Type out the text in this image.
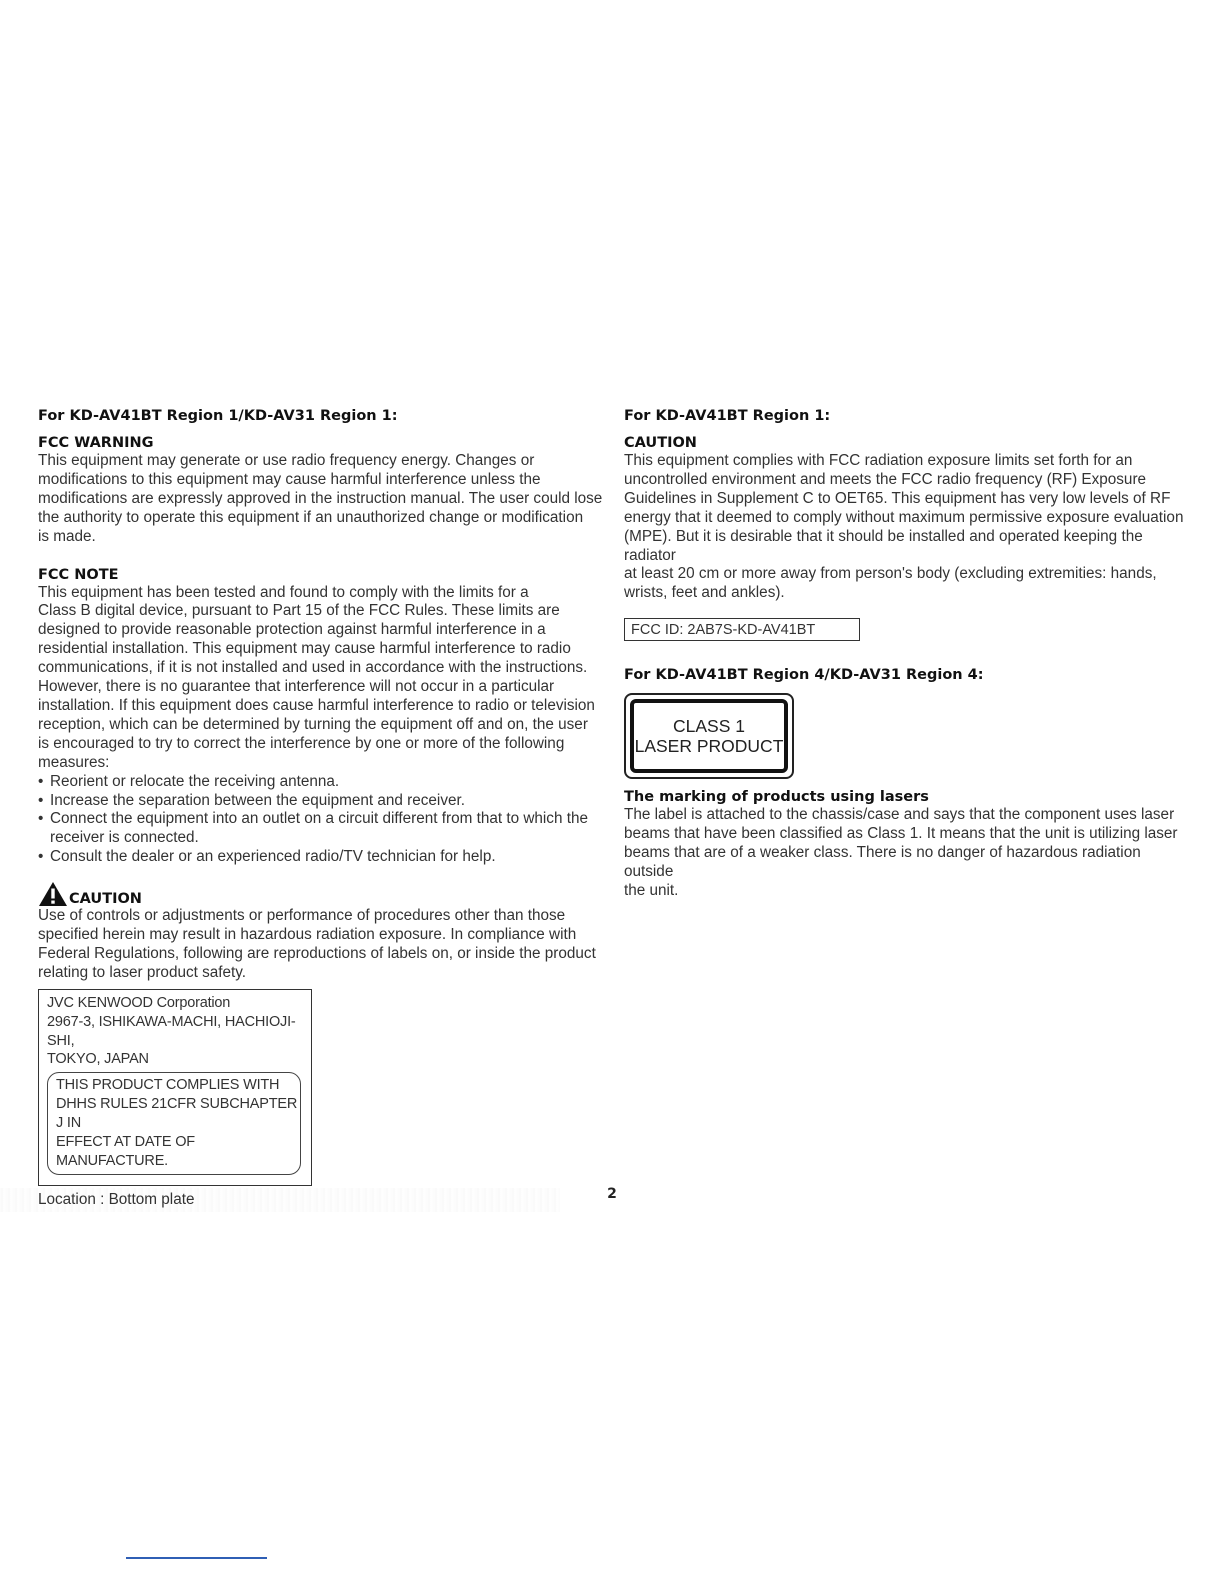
For KD-AV41BT Region 1/KD-AV31 Region 1:
FCC WARNING
This equipment may generate or use radio frequency energy. Changes or
modifications to this equipment may cause harmful interference unless the
modifications are expressly approved in the instruction manual. The user could lose
the authority to operate this equipment if an unauthorized change or modification
is made.
FCC NOTE
This equipment has been tested and found to comply with the limits for a
Class B digital device, pursuant to Part 15 of the FCC Rules. These limits are
designed to provide reasonable protection against harmful interference in a
residential installation. This equipment may cause harmful interference to radio
communications, if it is not installed and used in accordance with the instructions.
However, there is no guarantee that interference will not occur in a particular
installation. If this equipment does cause harmful interference to radio or television
reception, which can be determined by turning the equipment off and on, the user
is encouraged to try to correct the interference by one or more of the following
measures:
• Reorient or relocate the receiving antenna.
• Increase the separation between the equipment and receiver.
• Connect the equipment into an outlet on a circuit different from that to which the
receiver is connected.
• Consult the dealer or an experienced radio/TV technician for help.
CAUTION
Use of controls or adjustments or performance of procedures other than those
specified herein may result in hazardous radiation exposure. In compliance with
Federal Regulations, following are reproductions of labels on, or inside the product
relating to laser product safety.
JVC KENWOOD Corporation
2967-3, ISHIKAWA-MACHI, HACHIOJI-SHI,
TOKYO, JAPAN
THIS PRODUCT COMPLIES WITH
DHHS RULES 21CFR SUBCHAPTER J IN
EFFECT AT DATE OF MANUFACTURE.
Location : Bottom plate
For KD-AV41BT Region 1:
CAUTION
This equipment complies with FCC radiation exposure limits set forth for an
uncontrolled environment and meets the FCC radio frequency (RF) Exposure
Guidelines in Supplement C to OET65. This equipment has very low levels of RF
energy that it deemed to comply without maximum permissive exposure evaluation
(MPE). But it is desirable that it should be installed and operated keeping the radiator
at least 20 cm or more away from person's body (excluding extremities: hands,
wrists, feet and ankles).
FCC ID: 2AB7S-KD-AV41BT
For KD-AV41BT Region 4/KD-AV31 Region 4:
CLASS 1
LASER PRODUCT
The marking of products using lasers
The label is attached to the chassis/case and says that the component uses laser
beams that have been classified as Class 1. It means that the unit is utilizing laser
beams that are of a weaker class. There is no danger of hazardous radiation outside
the unit.
2
